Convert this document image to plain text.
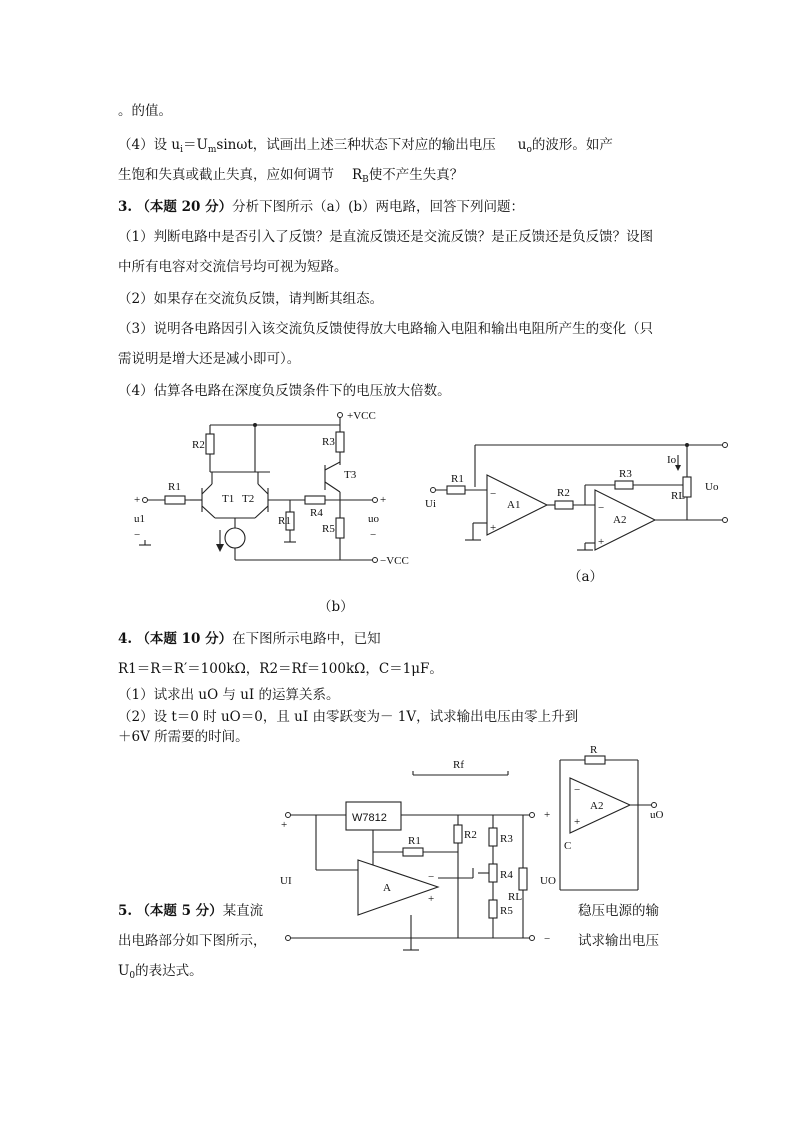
。的值。
（4）设 $u_i=U_m\sin\omega t$，试画出上述三种状态下对应的输出电压 $u_o$的波形。如产
生饱和失真或截止失真，应如何调节 $R_B$使不产生失真？
3. （本题 20 分）分析下图所示（a）(b）两电路，回答下列问题：
（1）判断电路中是否引入了反馈？是直流反馈还是交流反馈？是正反馈还是负反馈？设图
中所有电容对交流信号均可视为短路。
（2）如果存在交流负反馈，请判断其组态。
（3）说明各电路因引入该交流负反馈使得放大电路输入电阻和输出电阻所产生的变化（只
需说明是增大还是减小即可）。
（4）估算各电路在深度负反馈条件下的电压放大倍数。
R2	R3
+VCC
T3
R1
+
u1
−
T1 T2
−VCC
R4
+
uo
−
R1
R5
（b）
R1
Ui	A1
−
+
R2
A2
−
+
R3
RL
Io
Uo
（a）
4. （本题 10 分）在下图所示电路中，已知
R1＝R＝R′＝100kΩ，R2＝Rf＝100kΩ，C＝1μF。
（1）试求出 uO 与 uI 的运算关系。
（2）设 t＝0 时 uO＝0，且 uI 由零跃变为－ 1V，试求输出电压由零上升到
＋6V 所需要的时间。
R
A2
−
+
uO
C
Rf
+
W7812	+
R1	R2
A
−
+
R3
R4
R5
RL
UO
UI
−
5. （本题 5 分）某直流	稳压电源的输
出电路部分如下图所示，	试求输出电压
$U_0$的表达式。
